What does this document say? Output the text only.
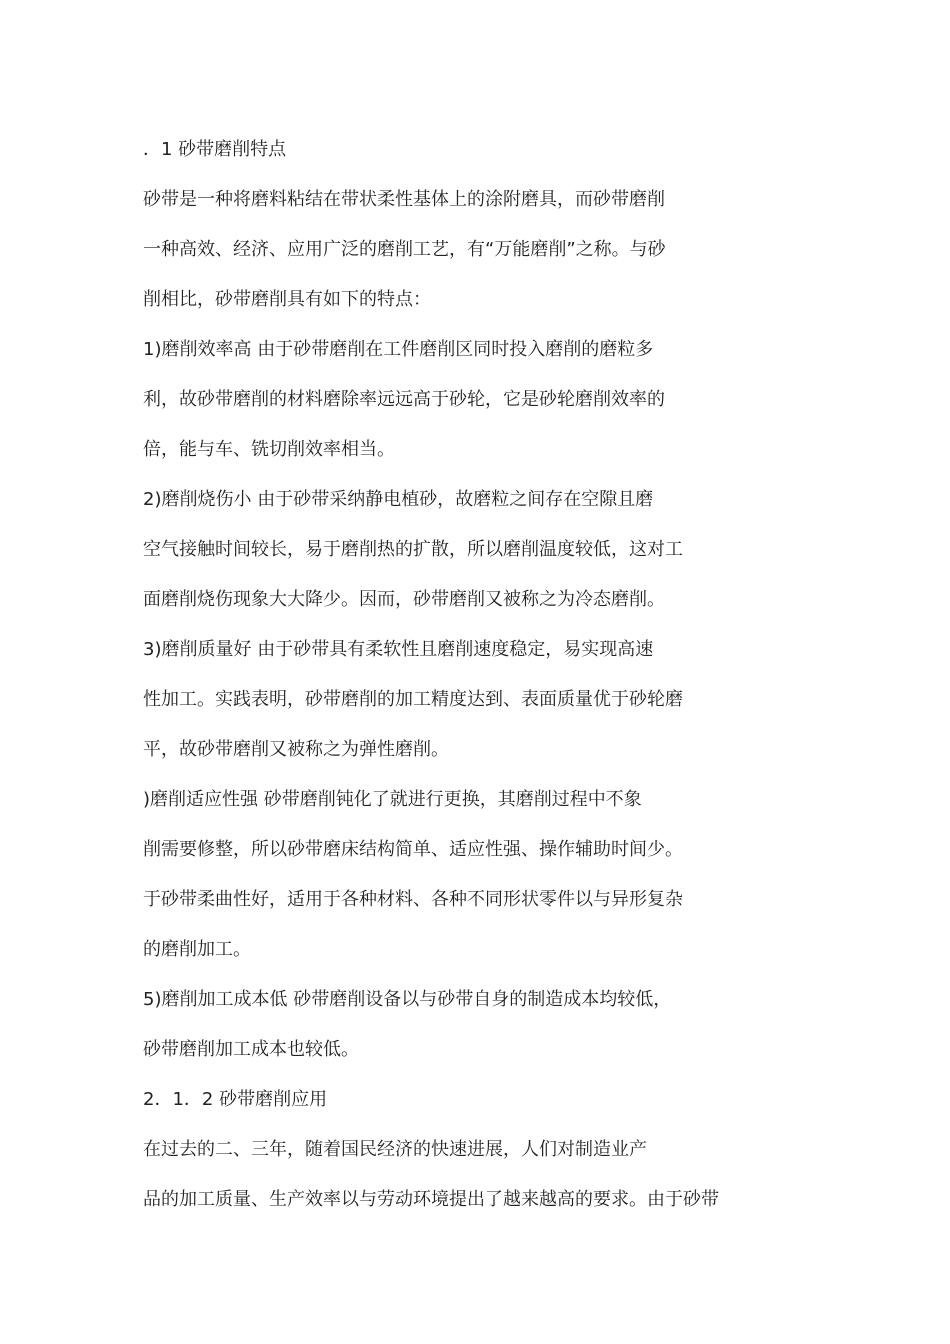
．1 砂带磨削特点
砂带是一种将磨料粘结在带状柔性基体上的涂附磨具，而砂带磨削
一种高效、经济、应用广泛的磨削工艺，有“万能磨削”之称。与砂
削相比，砂带磨削具有如下的特点：
1)磨削效率高 由于砂带磨削在工件磨削区同时投入磨削的磨粒多
利，故砂带磨削的材料磨除率远远高于砂轮，它是砂轮磨削效率的
倍，能与车、铣切削效率相当。
2)磨削烧伤小 由于砂带采纳静电植砂，故磨粒之间存在空隙且磨
空气接触时间较长，易于磨削热的扩散，所以磨削温度较低，这对工
面磨削烧伤现象大大降少。因而，砂带磨削又被称之为冷态磨削。
3)磨削质量好 由于砂带具有柔软性且磨削速度稳定，易实现高速
性加工。实践表明，砂带磨削的加工精度达到、表面质量优于砂轮磨
平，故砂带磨削又被称之为弹性磨削。
)磨削适应性强 砂带磨削钝化了就进行更换，其磨削过程中不象
削需要修整，所以砂带磨床结构简单、适应性强、操作辅助时间少。
于砂带柔曲性好，适用于各种材料、各种不同形状零件以与异形复杂
的磨削加工。
5)磨削加工成本低 砂带磨削设备以与砂带自身的制造成本均较低，
砂带磨削加工成本也较低。
2．1．2 砂带磨削应用
在过去的二、三年，随着国民经济的快速进展，人们对制造业产
品的加工质量、生产效率以与劳动环境提出了越来越高的要求。由于砂带
